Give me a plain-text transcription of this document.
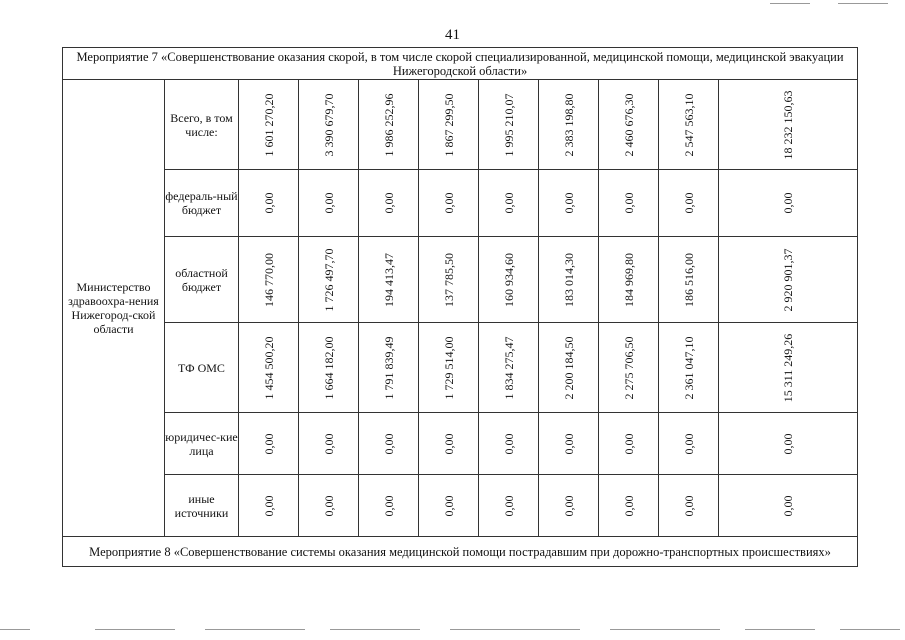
41
Мероприятие 7 «Совершенствование оказания скорой, в том числе скорой специализированной, медицинской помощи, медицинской эвакуации Нижегородской области»										

Министерство здравоохра-нения Нижегород-ской области	Всего, в том числе:	1 601 270,20	3 390 679,70	1 986 252,96	1 867 299,50	1 995 210,07	2 383 198,80	2 460 676,30	2 547 563,10	18 232 150,63

	федераль-ный бюджет	0,00	0,00	0,00	0,00	0,00	0,00	0,00	0,00	0,00

	областной бюджет	146 770,00	1 726 497,70	194 413,47	137 785,50	160 934,60	183 014,30	184 969,80	186 516,00	2 920 901,37

	ТФ ОМС	1 454 500,20	1 664 182,00	1 791 839,49	1 729 514,00	1 834 275,47	2 200 184,50	2 275 706,50	2 361 047,10	15 311 249,26

	юридичес-кие лица	0,00	0,00	0,00	0,00	0,00	0,00	0,00	0,00	0,00

	иные источники	0,00	0,00	0,00	0,00	0,00	0,00	0,00	0,00	0,00

Мероприятие 8 «Совершенствование системы оказания медицинской помощи пострадавшим при дорожно-транспортных происшествиях»										
